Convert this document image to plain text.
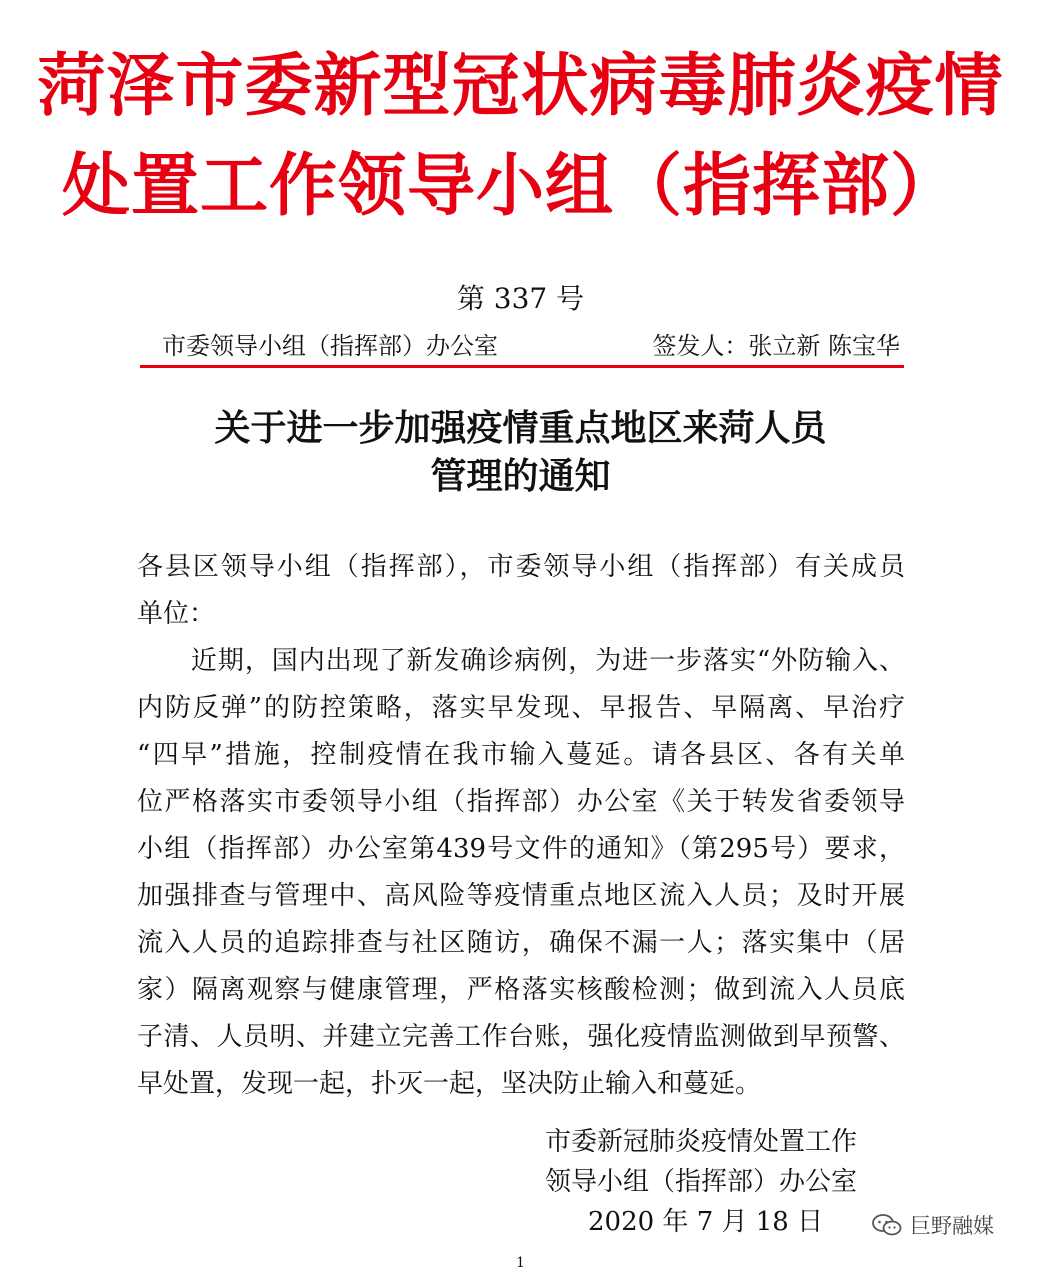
菏泽市委新型冠状病毒肺炎疫情
处置工作领导小组（指挥部）
第 337 号
市委领导小组（指挥部）办公室	签发人：张立新 陈宝华
关于进一步加强疫情重点地区来菏人员
管理的通知
各县区领导小组（指挥部），市委领导小组（指挥部）有关成员
单位：
　　近期，国内出现了新发确诊病例，为进一步落实“外防输入、
内防反弹”的防控策略，落实早发现、早报告、早隔离、早治疗
“四早”措施，控制疫情在我市输入蔓延。请各县区、各有关单
位严格落实市委领导小组（指挥部）办公室《关于转发省委领导
小组（指挥部）办公室第439号文件的通知》（第295号）要求，
加强排查与管理中、高风险等疫情重点地区流入人员；及时开展
流入人员的追踪排查与社区随访，确保不漏一人；落实集中（居
家）隔离观察与健康管理，严格落实核酸检测；做到流入人员底
子清、人员明、并建立完善工作台账，强化疫情监测做到早预警、
早处置，发现一起，扑灭一起，坚决防止输入和蔓延。
市委新冠肺炎疫情处置工作
领导小组（指挥部）办公室
2020 年 7 月 18 日	巨野融媒
1
